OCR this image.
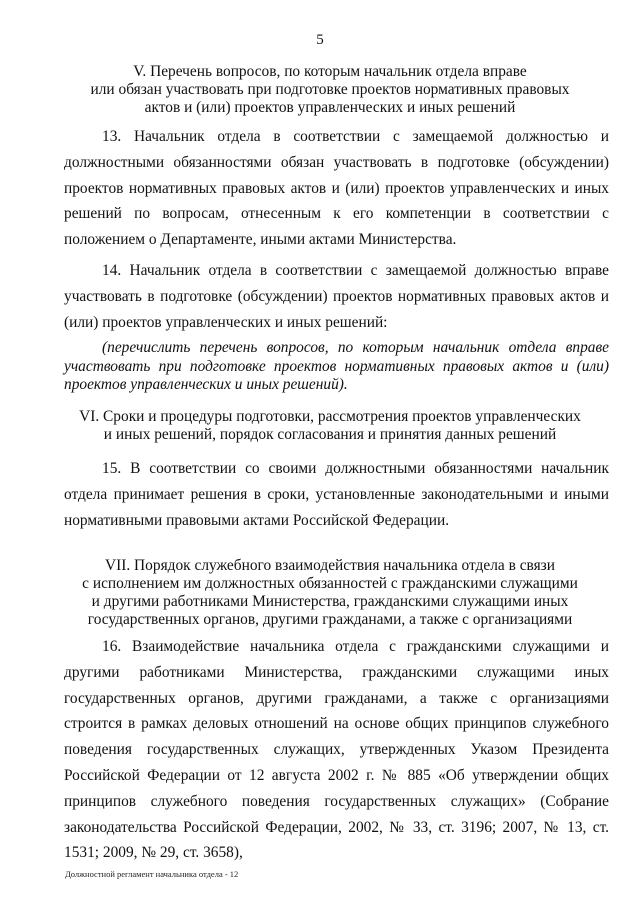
5
V. Перечень вопросов, по которым начальник отдела вправе
или обязан участвовать при подготовке проектов нормативных правовых
актов и (или) проектов управленческих и иных решений

13. Начальник отдела в соответствии с замещаемой должностью и должностными обязанностями обязан участвовать в подготовке (обсуждении) проектов нормативных правовых актов и (или) проектов управленческих и иных решений по вопросам, отнесенным к его компетенции в соответствии с положением о Департаменте, иными актами Министерства.

14. Начальник отдела в соответствии с замещаемой должностью вправе участвовать в подготовке (обсуждении) проектов нормативных правовых актов и (или) проектов управленческих и иных решений:

(перечислить перечень вопросов, по которым начальник отдела вправе участвовать при подготовке проектов нормативных правовых актов и (или) проектов управленческих и иных решений).

VI. Сроки и процедуры подготовки, рассмотрения проектов управленческих
и иных решений, порядок согласования и принятия данных решений

15. В соответствии со своими должностными обязанностями начальник отдела принимает решения в сроки, установленные законодательными и иными нормативными правовыми актами Российской Федерации.

VII. Порядок служебного взаимодействия начальника отдела в связи
с исполнением им должностных обязанностей с гражданскими служащими
и другими работниками Министерства, гражданскими служащими иных
государственных органов, другими гражданами, а также с организациями

16. Взаимодействие начальника отдела с гражданскими служащими и другими работниками Министерства, гражданскими служащими иных государственных органов, другими гражданами, а также с организациями строится в рамках деловых отношений на основе общих принципов служебного поведения государственных служащих, утвержденных Указом Президента Российской Федерации от 12 августа 2002 г. № 885 «Об утверждении общих принципов служебного поведения государственных служащих» (Собрание законодательства Российской Федерации, 2002, № 33, ст. 3196; 2007, № 13, ст. 1531; 2009, № 29, ст. 3658),

Должностной регламент начальника отдела - 12
